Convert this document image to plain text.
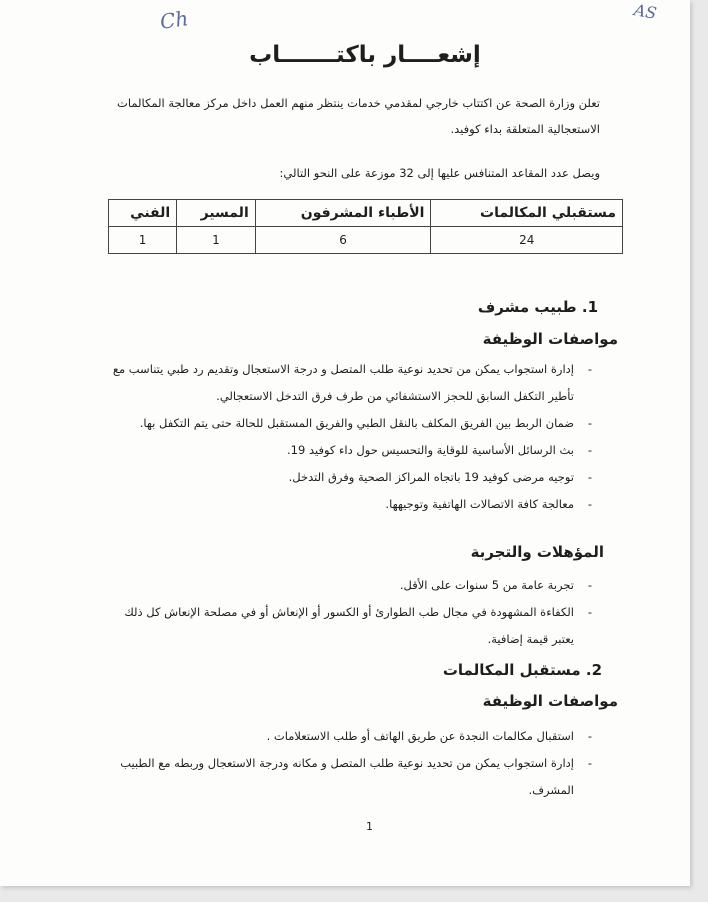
Ch	AS
إشعــــار باكتـــــــاب
تعلن وزارة الصحة عن اكتتاب خارجي لمقدمي خدمات ينتظر منهم العمل داخل مركز معالجة المكالمات الاستعجالية المتعلقة بداء كوفيد.
ويصل عدد المقاعد المتنافس عليها إلى 32 موزعة على النحو التالي:
مستقبلي المكالمات	الأطباء المشرفون	المسير	الفني
24	6	1	1
1. طبيب مشرف
مواصفات الوظيفة
- إدارة استجواب يمكن من تحديد نوعية طلب المتصل و درجة الاستعجال وتقديم رد طبي يتناسب مع تأطير التكفل السابق للحجز الاستشفائي من طرف فرق التدخل الاستعجالي.
- ضمان الربط بين الفريق المكلف بالنقل الطبي والفريق المستقبل للحالة حتى يتم التكفل بها.
- بث الرسائل الأساسية للوقاية والتحسيس حول داء كوفيد 19.
- توجيه مرضى كوفيد 19 باتجاه المراكز الصحية وفرق التدخل.
- معالجة كافة الاتصالات الهاتفية وتوجيهها.
المؤهلات والتجربة
- تجربة عامة من 5 سنوات على الأقل.
- الكفاءة المشهودة في مجال طب الطوارئ أو الكسور أو الإنعاش أو في مصلحة الإنعاش كل ذلك يعتبر قيمة إضافية.
2. مستقبل المكالمات
مواصفات الوظيفة
- استقبال مكالمات النجدة عن طريق الهاتف أو طلب الاستعلامات .
- إدارة استجواب يمكن من تحديد نوعية طلب المتصل و مكانه ودرجة الاستعجال وربطه مع الطبيب المشرف.
1
